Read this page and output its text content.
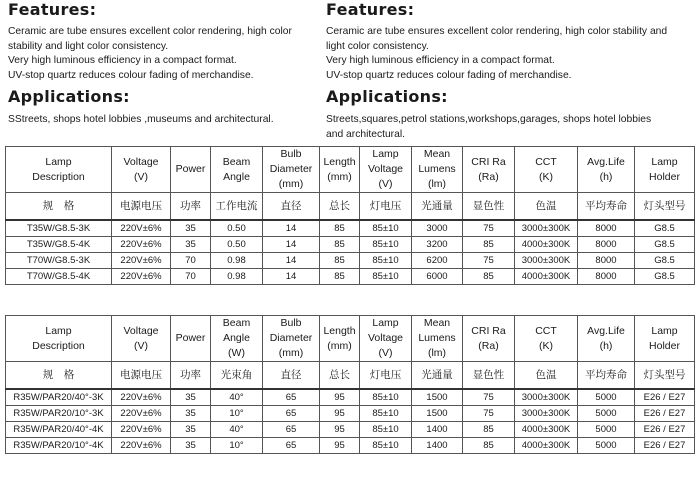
Features:

Ceramic are tube ensures excellent color rendering, high color
stability and light color consistency.
Very high luminous efficiency in a compact format.
UV-stop quartz reduces colour fading of merchandise.

Applications:

SStreets, shops hotel lobbies ,museums and architectural.

Features:

Ceramic are tube ensures excellent color rendering, high color stability and
light color consistency.
Very high luminous efficiency in a compact format.
UV-stop quartz reduces colour fading of merchandise.

Applications:

Streets,squares,petrol stations,workshops,garages, shops hotel lobbies
and architectural.

Lamp
Description	Voltage
(V)	Power	Beam
Angle	Bulb
Diameter
(mm)	Length
(mm)	Lamp
Voltage
(V)	Mean
Lumens
(lm)	CRI Ra
(Ra)	CCT
(K)	Avg.Life
(h)	Lamp
Holder

规　格	电源电压	功率	工作电流	直径	总长	灯电压	光通量	显色性	色温	平均寿命	灯头型号
T35W/G8.5-3K	220V±6%	35	0.50	14	85	85±10	3000	75	3000±300K	8000	G8.5
T35W/G8.5-4K	220V±6%	35	0.50	14	85	85±10	3200	85	4000±300K	8000	G8.5
T70W/G8.5-3K	220V±6%	70	0.98	14	85	85±10	6200	75	3000±300K	8000	G8.5
T70W/G8.5-4K	220V±6%	70	0.98	14	85	85±10	6000	85	4000±300K	8000	G8.5
Lamp
Description	Voltage
(V)	Power	Beam
Angle
(W)	Bulb
Diameter
(mm)	Length
(mm)	Lamp
Voltage
(V)	Mean
Lumens
(lm)	CRI Ra
(Ra)	CCT
(K)	Avg.Life
(h)	Lamp
Holder

规　格	电源电压	功率	光束角	直径	总长	灯电压	光通量	显色性	色温	平均寿命	灯头型号
R35W/PAR20/40°-3K	220V±6%	35	40°	65	95	85±10	1500	75	3000±300K	5000	E26 / E27
R35W/PAR20/10°-3K	220V±6%	35	10°	65	95	85±10	1500	75	3000±300K	5000	E26 / E27
R35W/PAR20/40°-4K	220V±6%	35	40°	65	95	85±10	1400	85	4000±300K	5000	E26 / E27
R35W/PAR20/10°-4K	220V±6%	35	10°	65	95	85±10	1400	85	4000±300K	5000	E26 / E27
